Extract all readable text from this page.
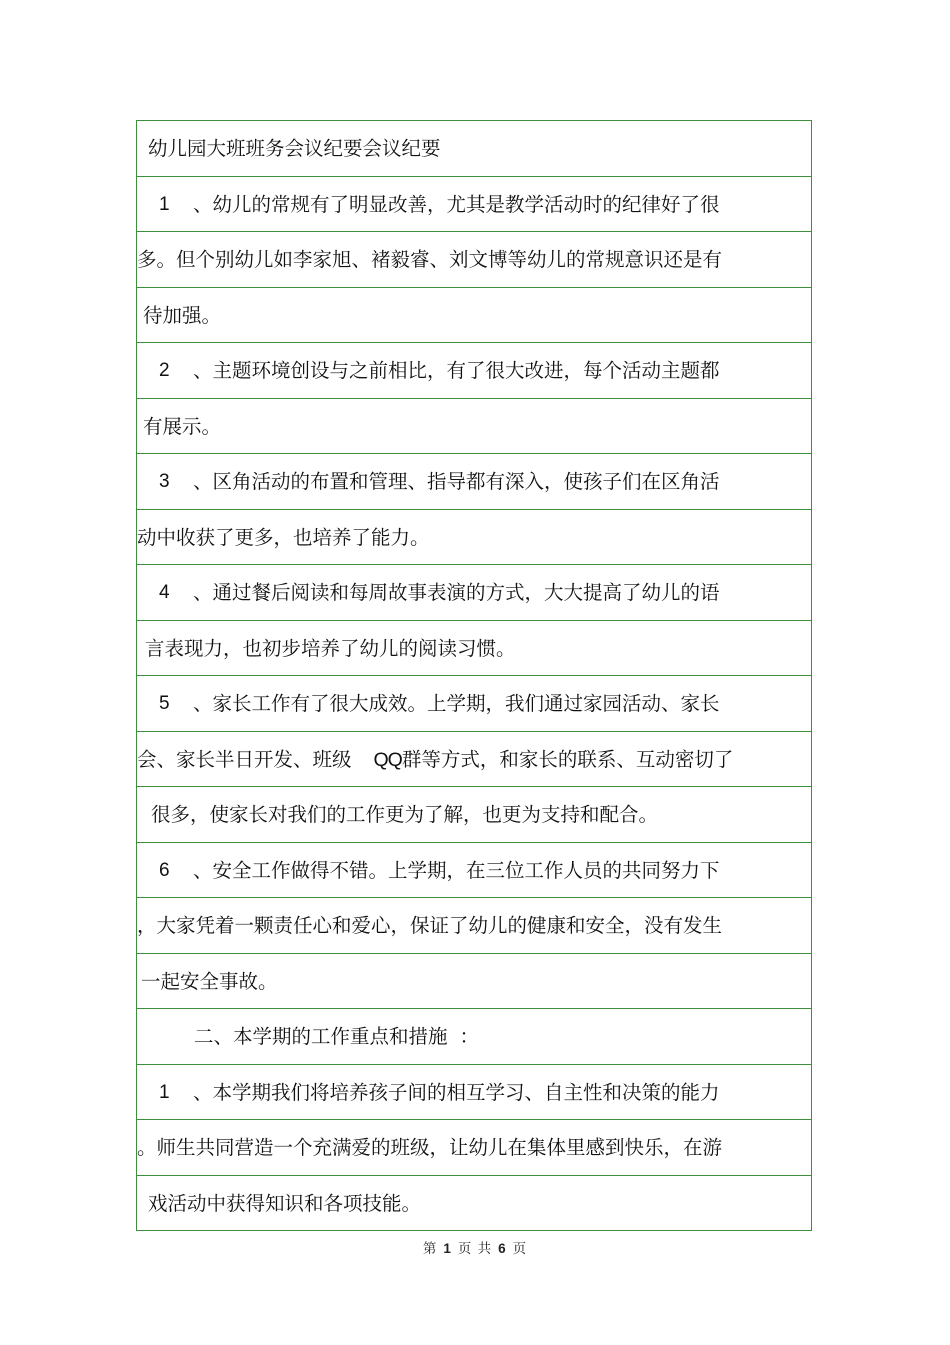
幼儿园大班班务会议纪要会议纪要
1 、幼儿的常规有了明显改善，尤其是教学活动时的纪律好了很
多。但个别幼儿如李家旭、褚毅睿、刘文博等幼儿的常规意识还是有
待加强。
2 、主题环境创设与之前相比，有了很大改进，每个活动主题都
有展示。
3 、区角活动的布置和管理、指导都有深入，使孩子们在区角活
动中收获了更多，也培养了能力。
4 、通过餐后阅读和每周故事表演的方式，大大提高了幼儿的语
言表现力，也初步培养了幼儿的阅读习惯。
5 、家长工作有了很大成效。上学期，我们通过家园活动、家长
会、家长半日开发、班级 QQ群等方式，和家长的联系、互动密切了
很多，使家长对我们的工作更为了解，也更为支持和配合。
6 、安全工作做得不错。上学期，在三位工作人员的共同努力下
，大家凭着一颗责任心和爱心，保证了幼儿的健康和安全，没有发生
一起安全事故。
二、本学期的工作重点和措施 ：
1 、本学期我们将培养孩子间的相互学习、自主性和决策的能力
。师生共同营造一个充满爱的班级，让幼儿在集体里感到快乐，在游
戏活动中获得知识和各项技能。
第 1 页 共 6 页
